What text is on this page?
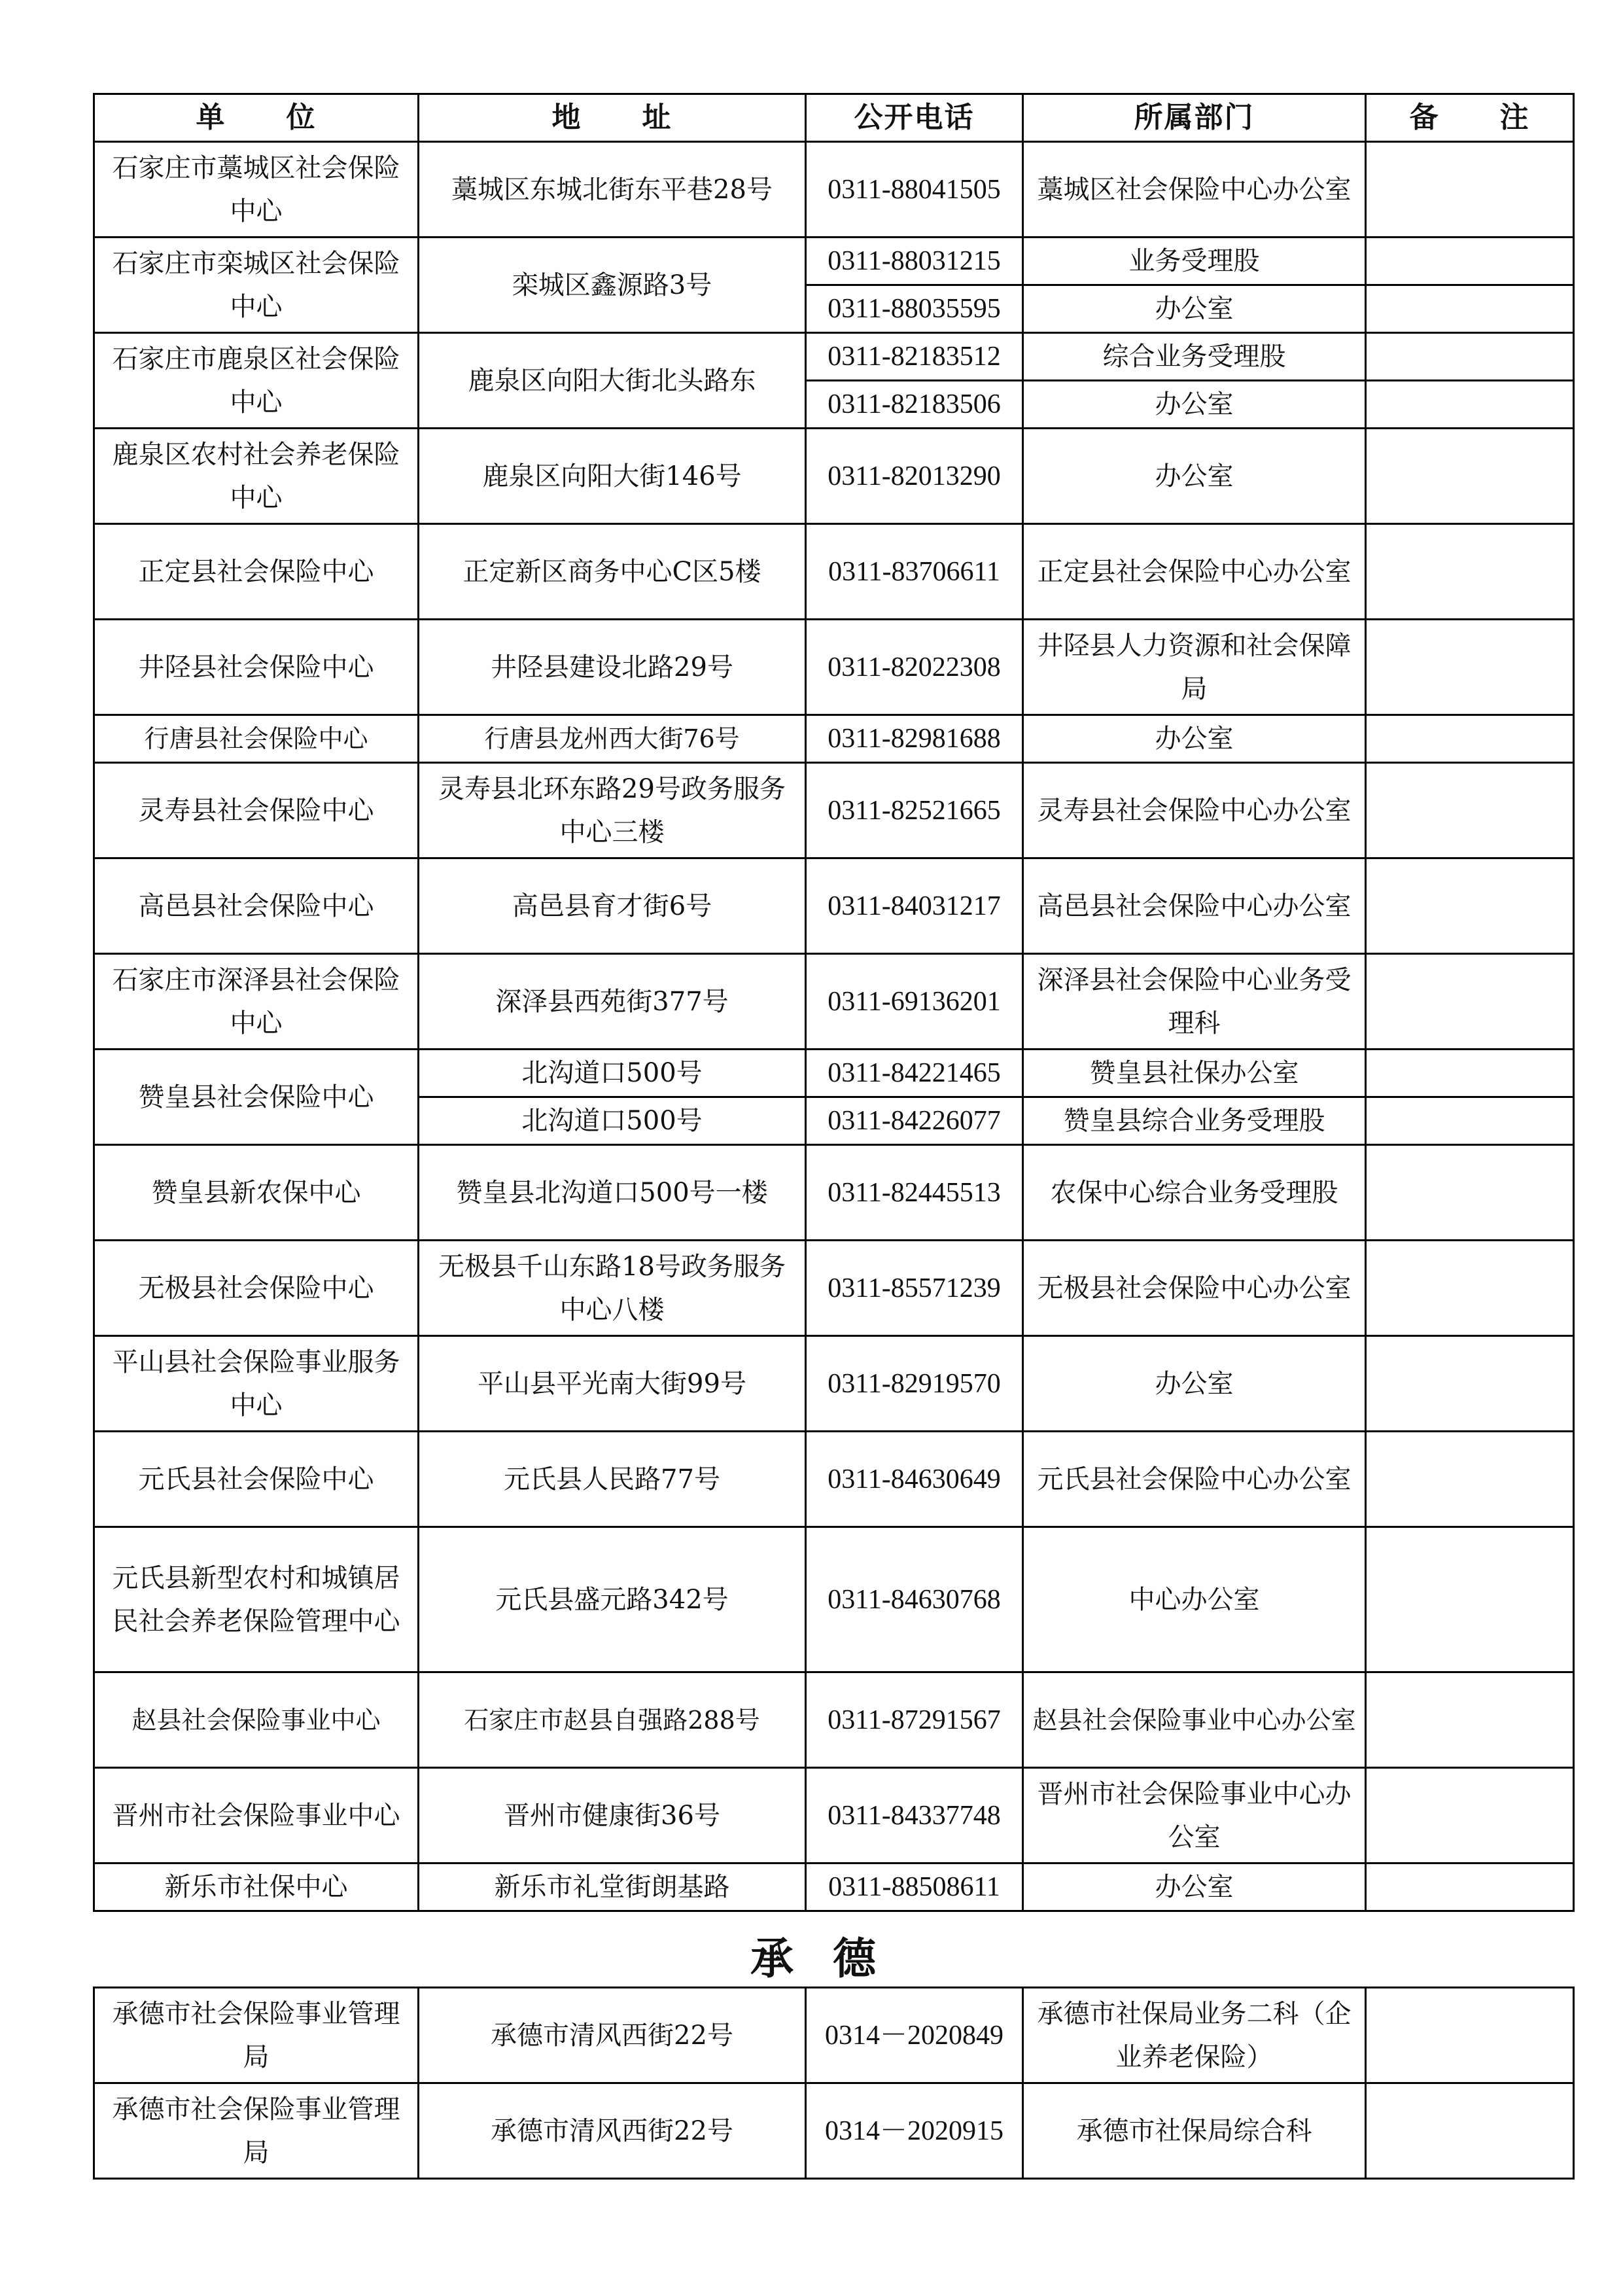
单　　位	地　　址	公开电话	所属部门	备　　注
石家庄市藁城区社会保险中心	藁城区东城北街东平巷28号	0311-88041505	藁城区社会保险中心办公室	
石家庄市栾城区社会保险中心	栾城区鑫源路3号	0311-88031215	业务受理股	
		0311-88035595	办公室	
石家庄市鹿泉区社会保险中心	鹿泉区向阳大街北头路东	0311-82183512	综合业务受理股	
		0311-82183506	办公室	
鹿泉区农村社会养老保险中心	鹿泉区向阳大街146号	0311-82013290	办公室	
正定县社会保险中心	正定新区商务中心C区5楼	0311-83706611	正定县社会保险中心办公室	
井陉县社会保险中心	井陉县建设北路29号	0311-82022308	井陉县人力资源和社会保障局	
行唐县社会保险中心	行唐县龙州西大街76号	0311-82981688	办公室	
灵寿县社会保险中心	灵寿县北环东路29号政务服务中心三楼	0311-82521665	灵寿县社会保险中心办公室	
高邑县社会保险中心	高邑县育才街6号	0311-84031217	高邑县社会保险中心办公室	
石家庄市深泽县社会保险中心	深泽县西苑街377号	0311-69136201	深泽县社会保险中心业务受理科	
赞皇县社会保险中心	北沟道口500号	0311-84221465	赞皇县社保办公室	
	北沟道口500号	0311-84226077	赞皇县综合业务受理股	
赞皇县新农保中心	赞皇县北沟道口500号一楼	0311-82445513	农保中心综合业务受理股	
无极县社会保险中心	无极县千山东路18号政务服务中心八楼	0311-85571239	无极县社会保险中心办公室	
平山县社会保险事业服务中心	平山县平光南大街99号	0311-82919570	办公室	
元氏县社会保险中心	元氏县人民路77号	0311-84630649	元氏县社会保险中心办公室	
元氏县新型农村和城镇居民社会养老保险管理中心	元氏县盛元路342号	0311-84630768	中心办公室	
赵县社会保险事业中心	石家庄市赵县自强路288号	0311-87291567	赵县社会保险事业中心办公室	
晋州市社会保险事业中心	晋州市健康街36号	0311-84337748	晋州市社会保险事业中心办公室	
新乐市社保中心	新乐市礼堂街朗基路	0311-88508611	办公室	
承德
承德市社会保险事业管理局	承德市清风西街22号	0314－2020849	承德市社保局业务二科（企业养老保险）	
承德市社会保险事业管理局	承德市清风西街22号	0314－2020915	承德市社保局综合科	
